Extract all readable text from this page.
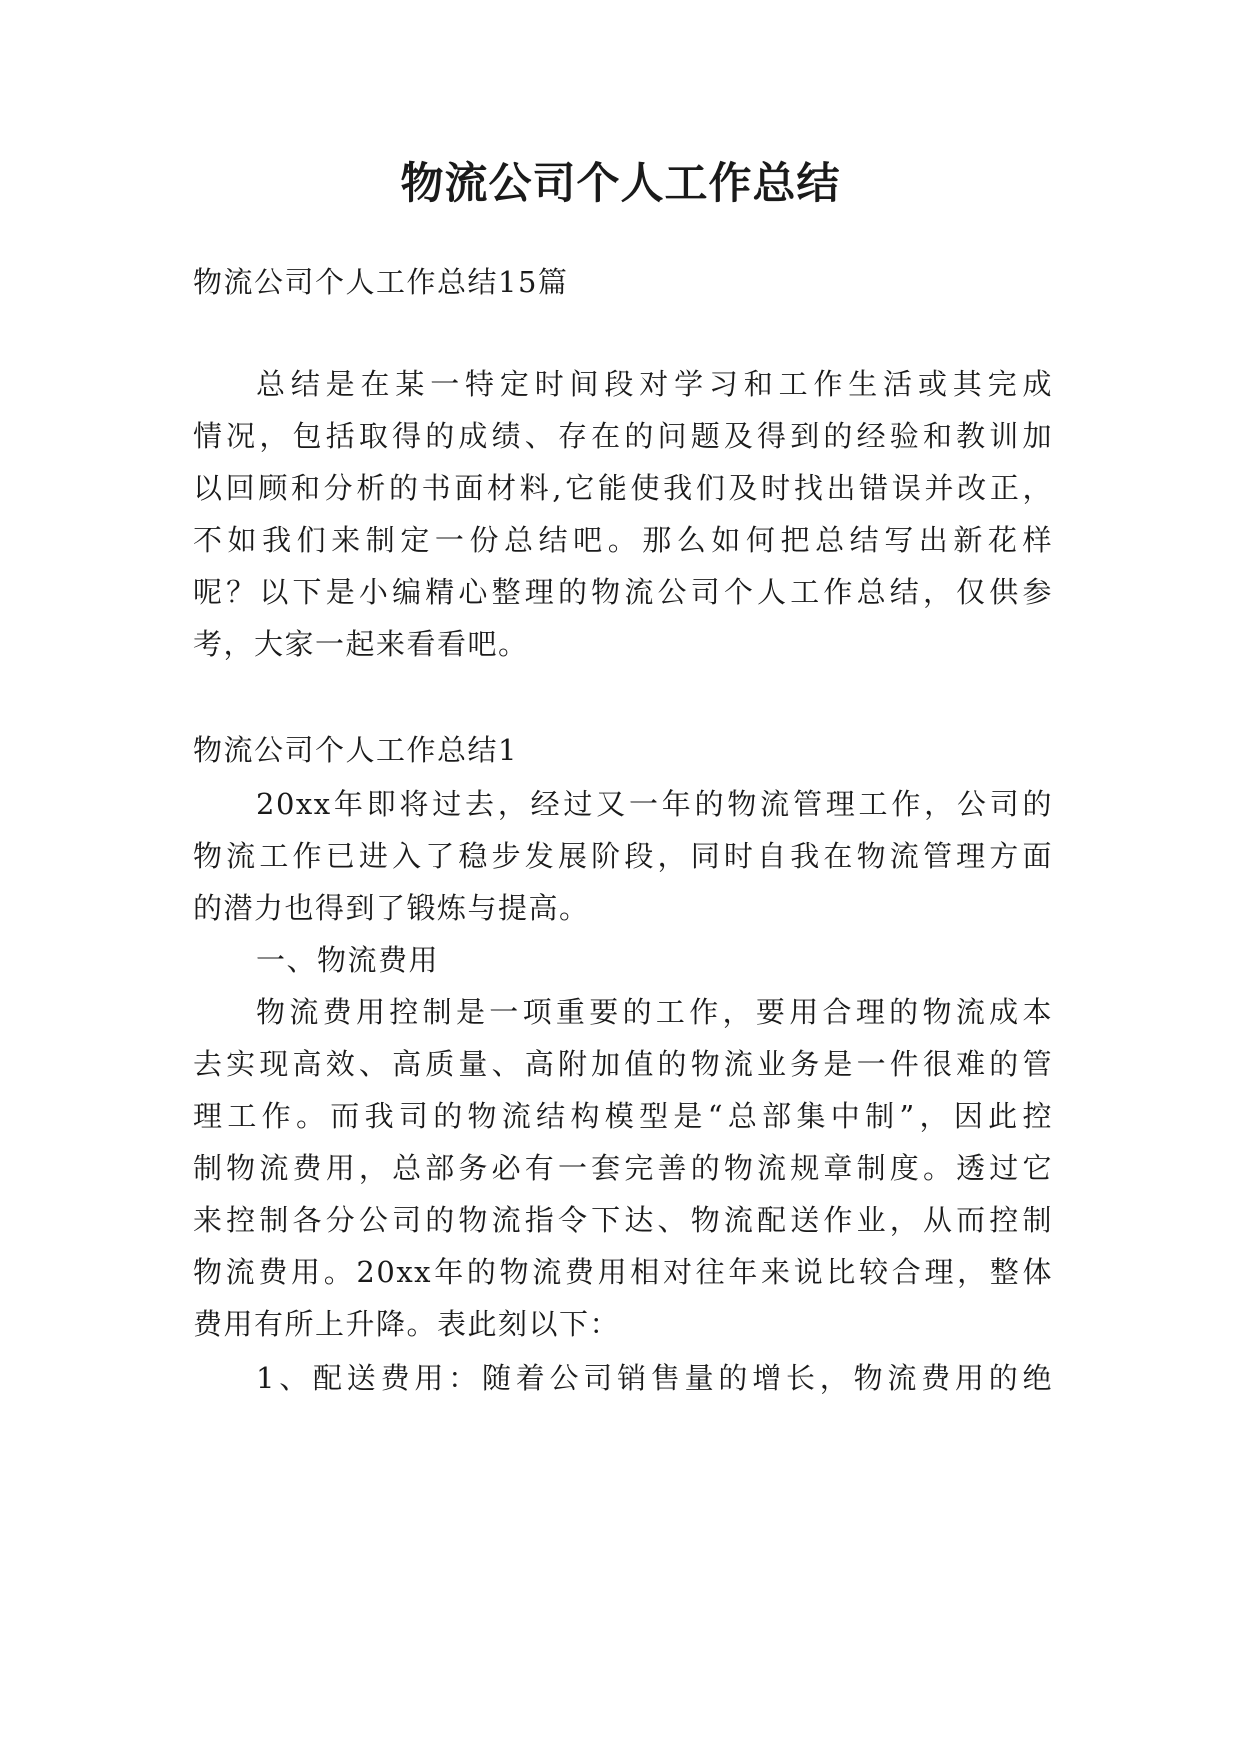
物流公司个人工作总结

物流公司个人工作总结15篇

总结是在某一特定时间段对学习和工作生活或其完成

情况，包括取得的成绩、存在的问题及得到的经验和教训加

以回顾和分析的书面材料,它能使我们及时找出错误并改正，

不如我们来制定一份总结吧。那么如何把总结写出新花样

呢？以下是小编精心整理的物流公司个人工作总结，仅供参

考，大家一起来看看吧。

物流公司个人工作总结1

20xx年即将过去，经过又一年的物流管理工作，公司的

物流工作已进入了稳步发展阶段，同时自我在物流管理方面

的潜力也得到了锻炼与提高。

一、物流费用

物流费用控制是一项重要的工作，要用合理的物流成本

去实现高效、高质量、高附加值的物流业务是一件很难的管

理工作。而我司的物流结构模型是“总部集中制”，因此控

制物流费用，总部务必有一套完善的物流规章制度。透过它

来控制各分公司的物流指令下达、物流配送作业，从而控制

物流费用。20xx年的物流费用相对往年来说比较合理，整体

费用有所上升降。表此刻以下：

1、配送费用：随着公司销售量的增长，物流费用的绝
